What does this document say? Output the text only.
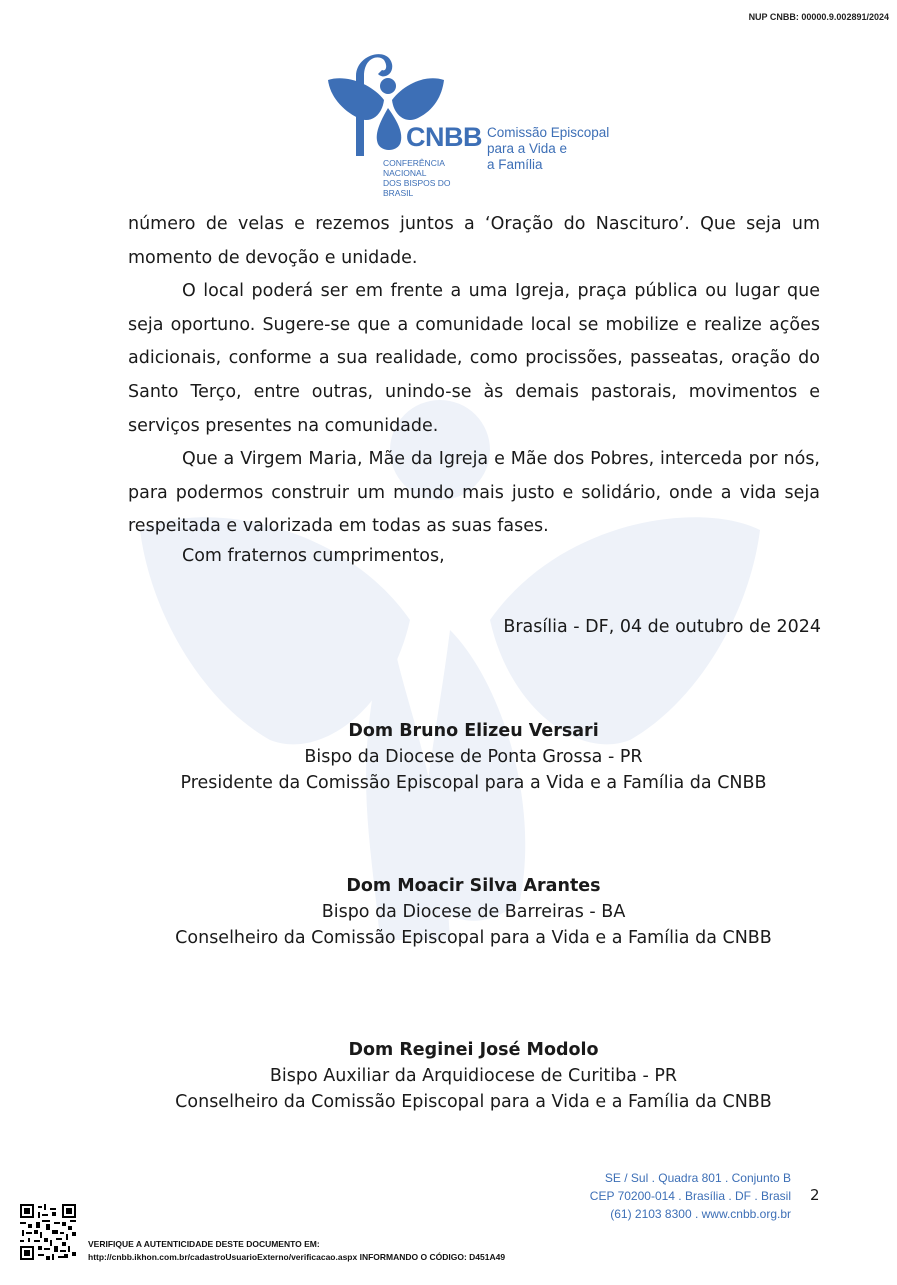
NUP CNBB: 00000.9.002891/2024
CNBB
CONFERÊNCIA NACIONAL
DOS BISPOS DO BRASIL
Comissão Episcopal
para a Vida e
a Família

número de velas e rezemos juntos a ‘Oração do Nascituro’. Que seja um momento de devoção e unidade.

O local poderá ser em frente a uma Igreja, praça pública ou lugar que seja oportuno. Sugere-se que a comunidade local se mobilize e realize ações adicionais, conforme a sua realidade, como procissões, passeatas, oração do Santo Terço, entre outras, unindo-se às demais pastorais, movimentos e serviços presentes na comunidade.

Que a Virgem Maria, Mãe da Igreja e Mãe dos Pobres, interceda por nós, para podermos construir um mundo mais justo e solidário, onde a vida seja respeitada e valorizada em todas as suas fases.

Com fraternos cumprimentos,
Brasília - DF, 04 de outubro de 2024
Dom Bruno Elizeu Versari
Bispo da Diocese de Ponta Grossa - PR
Presidente da Comissão Episcopal para a Vida e a Família da CNBB
Dom Moacir Silva Arantes
Bispo da Diocese de Barreiras - BA
Conselheiro da Comissão Episcopal para a Vida e a Família da CNBB
Dom Reginei José Modolo
Bispo Auxiliar da Arquidiocese de Curitiba - PR
Conselheiro da Comissão Episcopal para a Vida e a Família da CNBB
SE / Sul . Quadra 801 . Conjunto B
CEP 70200-014 . Brasília . DF . Brasil
(61) 2103 8300 . www.cnbb.org.br
2
VERIFIQUE A AUTENTICIDADE DESTE DOCUMENTO EM:
http://cnbb.ikhon.com.br/cadastroUsuarioExterno/verificacao.aspx INFORMANDO O CÓDIGO: D451A49
